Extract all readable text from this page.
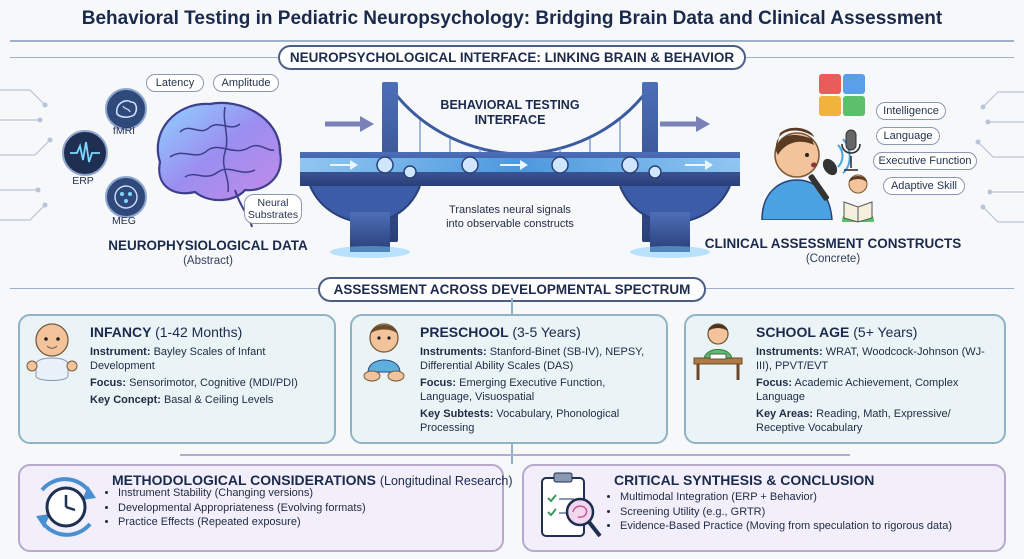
Behavioral Testing in Pediatric Neuropsychology: Bridging Brain Data and Clinical Assessment
NEUROPSYCHOLOGICAL INTERFACE: LINKING BRAIN & BEHAVIOR
Latency	Amplitude
fMRI
ERP
MEG
Neural
Substrates
NEUROPHYSIOLOGICAL DATA
(Abstract)
BEHAVIORAL TESTING
INTERFACE
Translates neural signals
into observable constructs
Intelligence
Language
Executive Function
Adaptive Skill
CLINICAL ASSESSMENT CONSTRUCTS
(Concrete)
ASSESSMENT ACROSS DEVELOPMENTAL SPECTRUM
INFANCY (1-42 Months)
Instrument: Bayley Scales of Infant Development
Focus: Sensorimotor, Cognitive (MDI/PDI)
Key Concept: Basal & Ceiling Levels
PRESCHOOL (3-5 Years)
Instruments: Stanford-Binet (SB-IV), NEPSY, Differential Ability Scales (DAS)
Focus: Emerging Executive Function, Language, Visuospatial
Key Subtests: Vocabulary, Phonological Processing
SCHOOL AGE (5+ Years)
Instruments: WRAT, Woodcock-Johnson (WJ-III), PPVT/EVT
Focus: Academic Achievement, Complex Language
Key Areas: Reading, Math, Expressive/ Receptive Vocabulary
METHODOLOGICAL CONSIDERATIONS (Longitudinal Research)
• Instrument Stability (Changing versions)
• Developmental Appropriateness (Evolving formats)
• Practice Effects (Repeated exposure)
CRITICAL SYNTHESIS & CONCLUSION
• Multimodal Integration (ERP + Behavior)
• Screening Utility (e.g., GRTR)
• Evidence-Based Practice (Moving from speculation to rigorous data)
